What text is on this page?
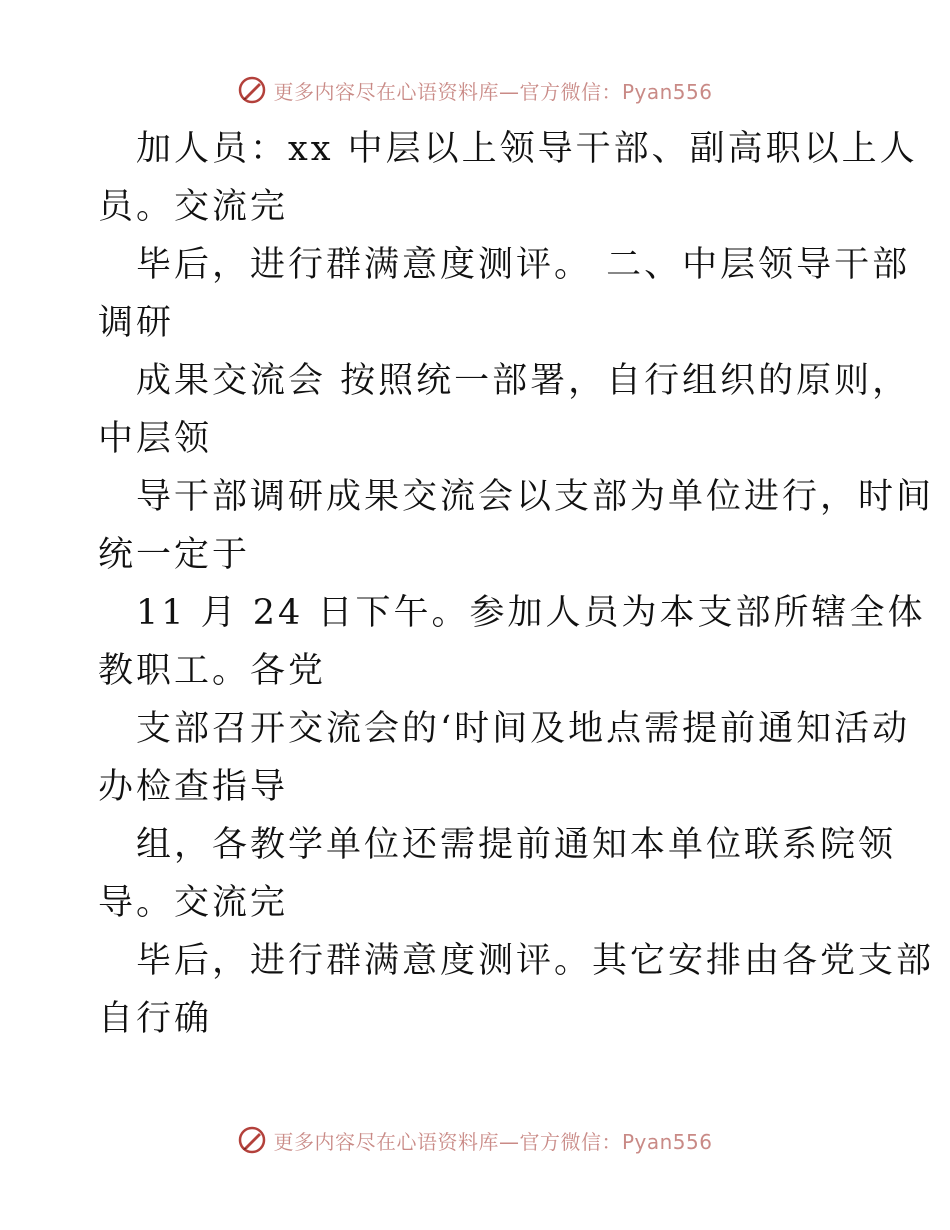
更多内容尽在心语资料库—官方微信：Pyan556
加人员：xx 中层以上领导干部、副高职以上人
员。交流完
毕后，进行群满意度测评。 二、中层领导干部
调研
成果交流会 按照统一部署，自行组织的原则，
中层领
导干部调研成果交流会以支部为单位进行，时间
统一定于
11 月 24 日下午。参加人员为本支部所辖全体
教职工。各党
支部召开交流会的‘时间及地点需提前通知活动
办检查指导
组，各教学单位还需提前通知本单位联系院领
导。交流完
毕后，进行群满意度测评。其它安排由各党支部
自行确
更多内容尽在心语资料库—官方微信：Pyan556
